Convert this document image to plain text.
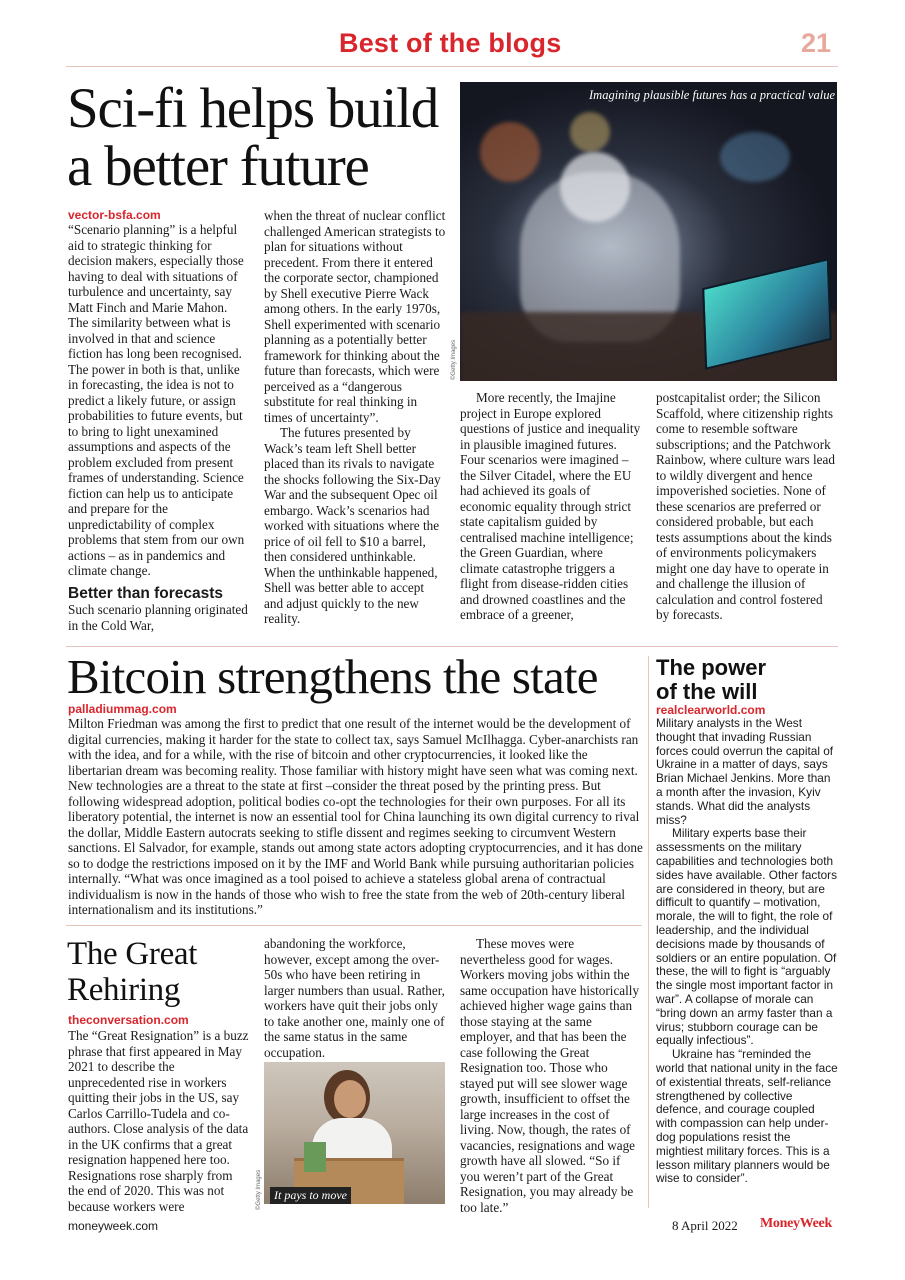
Best of the blogs	21
Sci-fi helps build
a better future
Imagining plausible futures has a practical value
©Getty Images
vector-bsfa.com

“Scenario planning” is a helpful aid to strategic thinking for decision makers, especially those having to deal with situations of turbulence and uncertainty, say Matt Finch and Marie Mahon. The similarity between what is involved in that and science fiction has long been recognised. The power in both is that, unlike in forecasting, the idea is not to predict a likely future, or assign probabilities to future events, but to bring to light unexamined assumptions and aspects of the problem excluded from present frames of understanding. Science fiction can help us to anticipate and prepare for the unpredictability of complex problems that stem from our own actions – as in pandemics and climate change.

Better than forecasts

Such scenario planning originated in the Cold War,

when the threat of nuclear conflict challenged American strategists to plan for situations without precedent. From there it entered the corporate sector, championed by Shell executive Pierre Wack among others. In the early 1970s, Shell experimented with scenario planning as a potentially better framework for thinking about the future than forecasts, which were perceived as a “dangerous substitute for real thinking in times of uncertainty”.

The futures presented by Wack’s team left Shell better placed than its rivals to navigate the shocks following the Six-Day War and the subsequent Opec oil embargo. Wack’s scenarios had worked with situations where the price of oil fell to $10 a barrel, then considered unthinkable. When the unthinkable happened, Shell was better able to accept and adjust quickly to the new reality.

More recently, the Imajine project in Europe explored questions of justice and inequality in plausible imagined futures. Four scenarios were imagined – the Silver Citadel, where the EU had achieved its goals of economic equality through strict state capitalism guided by centralised machine intelligence; the Green Guardian, where climate catastrophe triggers a flight from disease-ridden cities and drowned coastlines and the embrace of a greener,

postcapitalist order; the Silicon Scaffold, where citizenship rights come to resemble software subscriptions; and the Patchwork Rainbow, where culture wars lead to wildly divergent and hence impoverished societies. None of these scenarios are preferred or considered probable, but each tests assumptions about the kinds of environments policymakers might one day have to operate in and challenge the illusion of calculation and control fostered by forecasts.

Bitcoin strengthens the state
palladiummag.com

Milton Friedman was among the first to predict that one result of the internet would be the development of digital currencies, making it harder for the state to collect tax, says Samuel McIlhagga. Cyber-anarchists ran with the idea, and for a while, with the rise of bitcoin and other cryptocurrencies, it looked like the libertarian dream was becoming reality. Those familiar with history might have seen what was coming next. New technologies are a threat to the state at first –consider the threat posed by the printing press. But following widespread adoption, political bodies co-opt the technologies for their own purposes. For all its liberatory potential, the internet is now an essential tool for China launching its own digital currency to rival the dollar, Middle Eastern autocrats seeking to stifle dissent and regimes seeking to circumvent Western sanctions. El Salvador, for example, stands out among state actors adopting cryptocurrencies, and it has done so to dodge the restrictions imposed on it by the IMF and World Bank while pursuing authoritarian policies internally. “What was once imagined as a tool poised to achieve a stateless global arena of contractual individualism is now in the hands of those who wish to free the state from the web of 20th-century liberal internationalism and its institutions.”

The Great
Rehiring
theconversation.com

The “Great Resignation” is a buzz phrase that first appeared in May 2021 to describe the unprecedented rise in workers quitting their jobs in the US, say Carlos Carrillo-Tudela and co-authors. Close analysis of the data in the UK confirms that a great resignation happened here too. Resignations rose sharply from the end of 2020. This was not because workers were

abandoning the workforce, however, except among the over-50s who have been retiring in larger numbers than usual. Rather, workers have quit their jobs only to take another one, mainly one of the same status in the same occupation.

It pays to move
©Getty Images

These moves were nevertheless good for wages. Workers moving jobs within the same occupation have historically achieved higher wage gains than those staying at the same employer, and that has been the case following the Great Resignation too. Those who stayed put will see slower wage growth, insufficient to offset the large increases in the cost of living. Now, though, the rates of vacancies, resignations and wage growth have all slowed. “So if you weren’t part of the Great Resignation, you may already be too late.”

The power
of the will
realclearworld.com

Military analysts in the West thought that invading Russian forces could overrun the capital of Ukraine in a matter of days, says Brian Michael Jenkins. More than a month after the invasion, Kyiv stands. What did the analysts miss?

Military experts base their assessments on the military capabilities and technologies both sides have available. Other factors are considered in theory, but are difficult to quantify – motivation, morale, the will to fight, the role of leadership, and the individual decisions made by thousands of soldiers or an entire population. Of these, the will to fight is “arguably the single most important factor in war”. A collapse of morale can “bring down an army faster than a virus; stubborn courage can be equally infectious”.

Ukraine has “reminded the world that national unity in the face of existential threats, self-reliance strengthened by collective defence, and courage coupled with compassion can help under-dog populations resist the mightiest military forces. This is a lesson military planners would be wise to consider”.

moneyweek.com	8 April 2022 MoneyWeek
